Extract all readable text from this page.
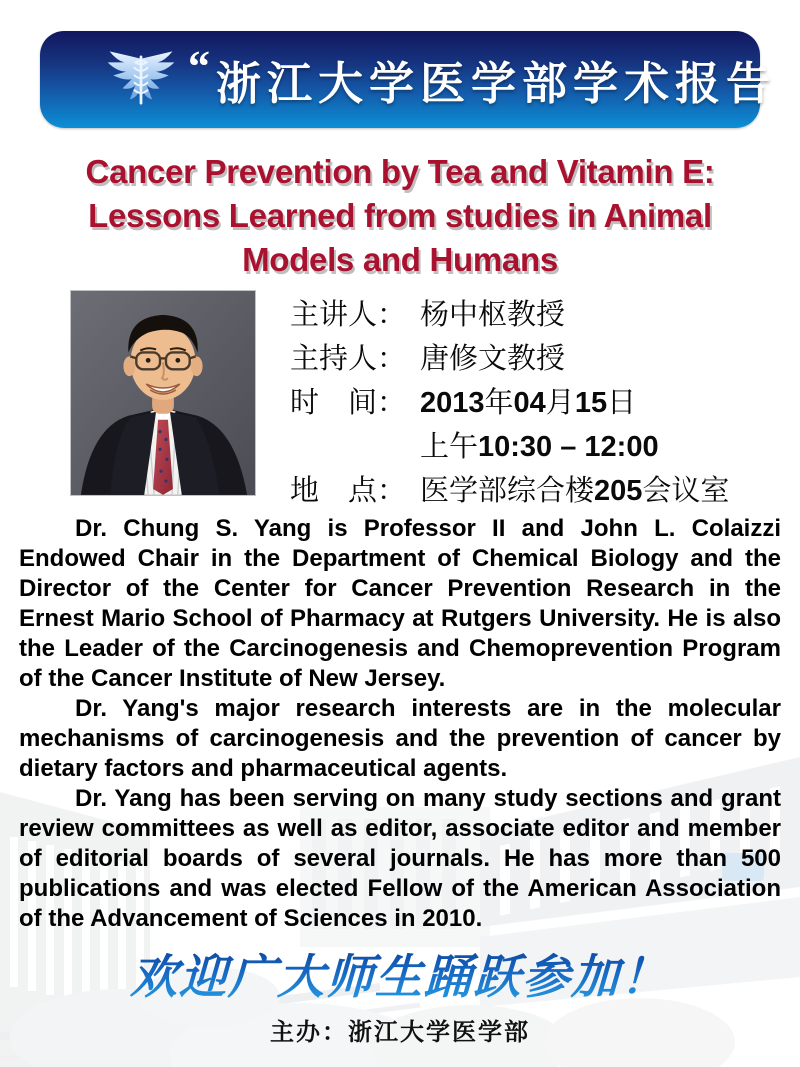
“ 浙江大学医学部学术报告
Cancer Prevention by Tea and Vitamin E:
Lessons Learned from studies in Animal
Models and Humans
主讲人： 杨中枢教授
主持人： 唐修文教授
时　间： 2013年04月15日
上午10:30 – 12:00
地　点： 医学部综合楼205会议室

Dr. Chung S. Yang is Professor II and John L. Colaizzi Endowed Chair in the Department of Chemical Biology and the Director of the Center for Cancer Prevention Research in the Ernest Mario School of Pharmacy at Rutgers University. He is also the Leader of the Carcinogenesis and Chemoprevention Program of the Cancer Institute of New Jersey.

Dr. Yang's major research interests are in the molecular mechanisms of carcinogenesis and the prevention of cancer by dietary factors and pharmaceutical agents.

Dr. Yang has been serving on many study sections and grant review committees as well as editor, associate editor and member of editorial boards of several journals. He has more than 500 publications and was elected Fellow of the American Association of the Advancement of Sciences in 2010.

欢迎广大师生踊跃参加！
主办：浙江大学医学部
